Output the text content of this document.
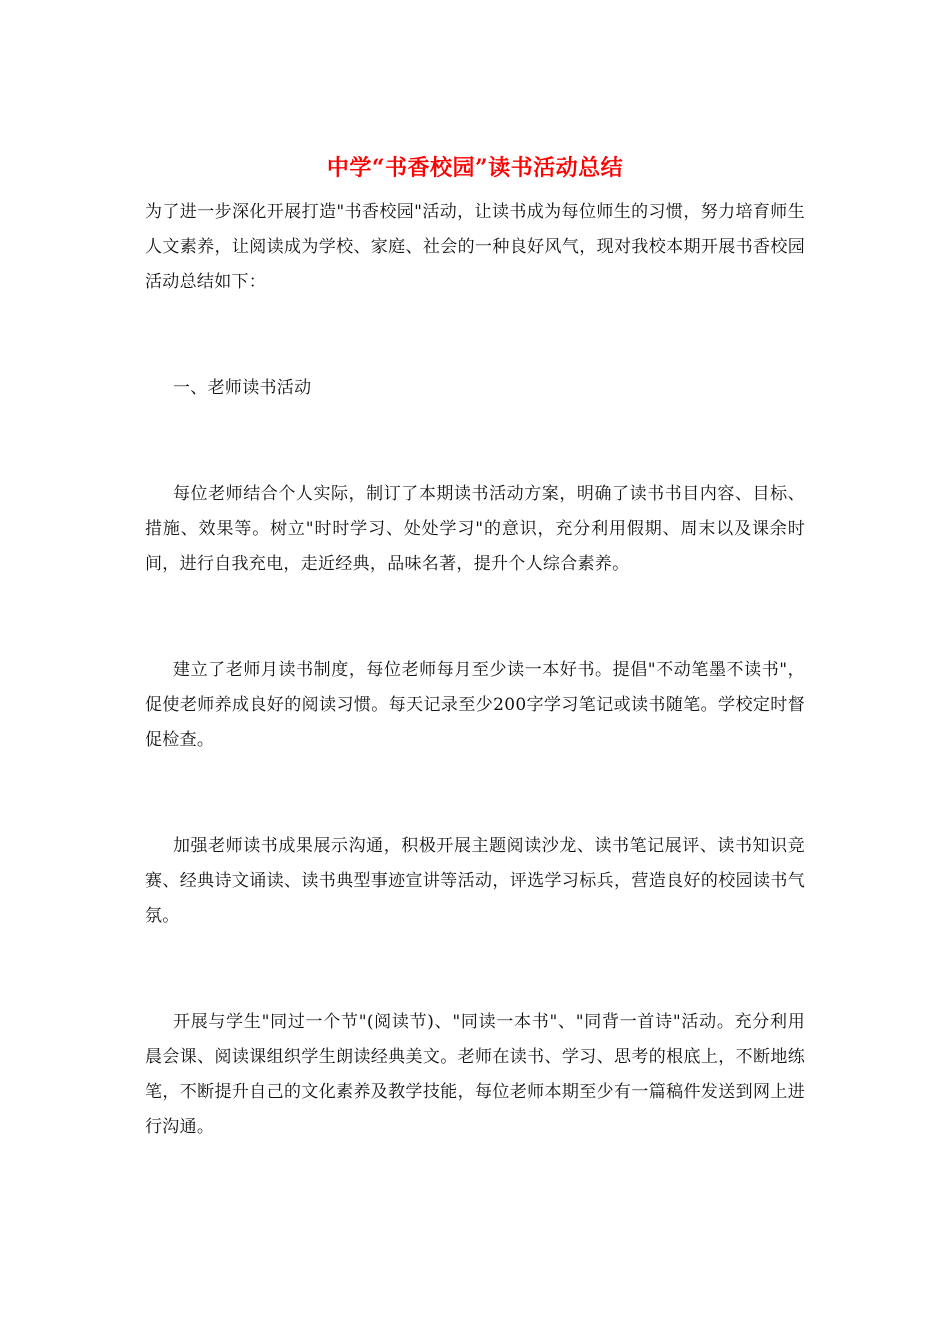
中学“书香校园”读书活动总结

为了进一步深化开展打造"书香校园"活动，让读书成为每位师生的习惯，努力培育师生人文素养，让阅读成为学校、家庭、社会的一种良好风气，现对我校本期开展书香校园活动总结如下：

一、老师读书活动

每位老师结合个人实际，制订了本期读书活动方案，明确了读书书目内容、目标、措施、效果等。树立"时时学习、处处学习"的意识，充分利用假期、周末以及课余时间，进行自我充电，走近经典，品味名著，提升个人综合素养。

建立了老师月读书制度，每位老师每月至少读一本好书。提倡"不动笔墨不读书"，促使老师养成良好的阅读习惯。每天记录至少200字学习笔记或读书随笔。学校定时督促检查。

加强老师读书成果展示沟通，积极开展主题阅读沙龙、读书笔记展评、读书知识竞赛、经典诗文诵读、读书典型事迹宣讲等活动，评选学习标兵，营造良好的校园读书气氛。

开展与学生"同过一个节"(阅读节)、"同读一本书"、"同背一首诗"活动。充分利用晨会课、阅读课组织学生朗读经典美文。老师在读书、学习、思考的根底上，不断地练笔，不断提升自己的文化素养及教学技能，每位老师本期至少有一篇稿件发送到网上进行沟通。
